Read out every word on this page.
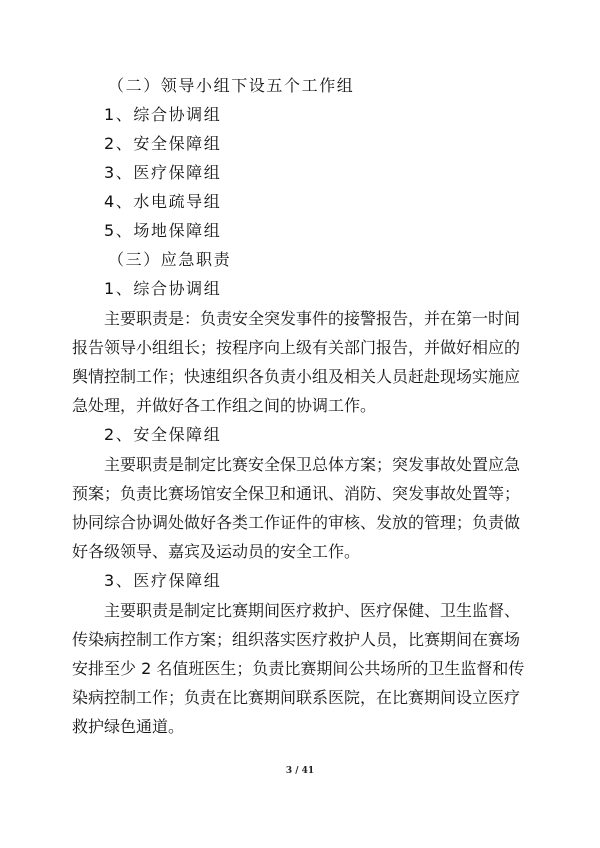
（二）领导小组下设五个工作组
1、综合协调组
2、安全保障组
3、医疗保障组
4、水电疏导组
5、场地保障组
（三）应急职责
1、综合协调组
主要职责是：负责安全突发事件的接警报告，并在第一时间
报告领导小组组长；按程序向上级有关部门报告，并做好相应的
舆情控制工作；快速组织各负责小组及相关人员赶赴现场实施应
急处理，并做好各工作组之间的协调工作。
2、安全保障组
主要职责是制定比赛安全保卫总体方案；突发事故处置应急
预案；负责比赛场馆安全保卫和通讯、消防、突发事故处置等；
协同综合协调处做好各类工作证件的审核、发放的管理；负责做
好各级领导、嘉宾及运动员的安全工作。
3、医疗保障组
主要职责是制定比赛期间医疗救护、医疗保健、卫生监督、
传染病控制工作方案；组织落实医疗救护人员，比赛期间在赛场
安排至少 2 名值班医生；负责比赛期间公共场所的卫生监督和传
染病控制工作；负责在比赛期间联系医院，在比赛期间设立医疗
救护绿色通道。
3 / 41
